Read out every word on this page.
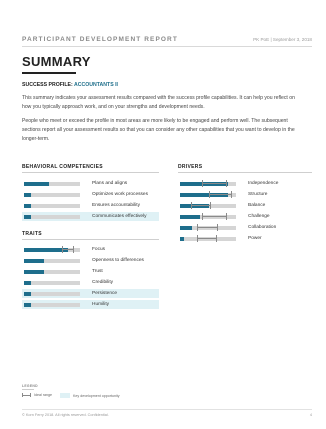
PARTICIPANT DEVELOPMENT REPORT	PK PoE | September 3, 2018
SUMMARY
SUCCESS PROFILE: ACCOUNTANTS II
This summary indicates your assessment results compared with the success profile capabilities. It can help you reflect on how you typically approach work, and on your strengths and development needs.
People who meet or exceed the profile in most areas are more likely to be engaged and perform well. The subsequent sections report all your assessment results so that you can consider any other capabilities that you want to develop in the longer-term.
BEHAVIORAL COMPETENCIES
Plans and aligns
Optimizes work processes
Ensures accountability
Communicates effectively
TRAITS
Focus
Openness to differences
Trust
Credibility
Persistence
Humility
DRIVERS
Independence
Structure
Balance
Challenge
Collaboration
Power
LEGEND
Ideal range	Key development opportunity
© Korn Ferry 2018. All rights reserved. Confidential.	4
